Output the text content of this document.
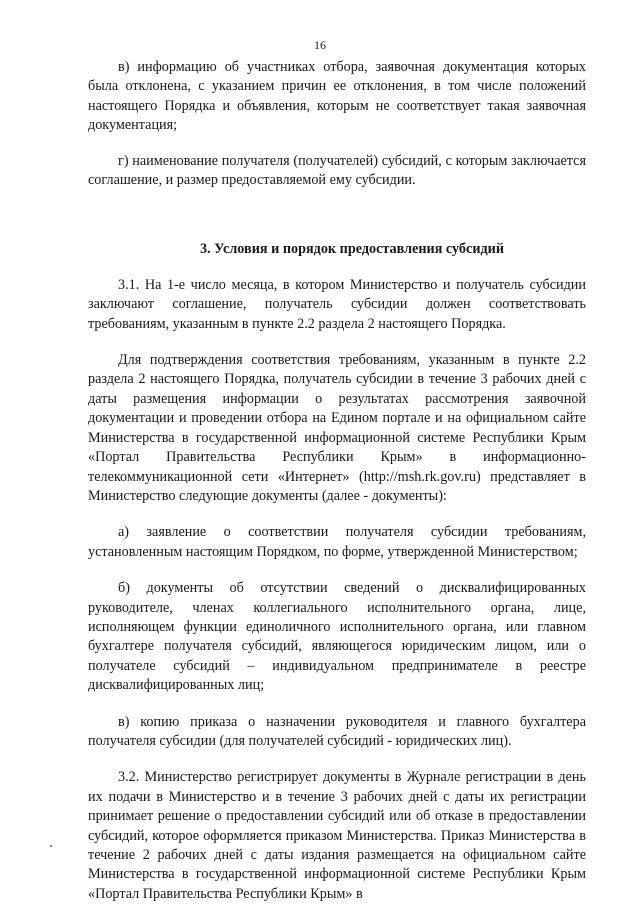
16

в) информацию об участниках отбора, заявочная документация которых была отклонена, с указанием причин ее отклонения, в том числе положений настоящего Порядка и объявления, которым не соответствует такая заявочная документация;

г) наименование получателя (получателей) субсидий, с которым заключается соглашение, и размер предоставляемой ему субсидии.

3. Условия и порядок предоставления субсидий

3.1. На 1-е число месяца, в котором Министерство и получатель субсидии заключают соглашение, получатель субсидии должен соответствовать требованиям, указанным в пункте 2.2 раздела 2 настоящего Порядка.

Для подтверждения соответствия требованиям, указанным в пункте 2.2 раздела 2 настоящего Порядка, получатель субсидии в течение 3 рабочих дней с даты размещения информации о результатах рассмотрения заявочной документации и проведении отбора на Едином портале и на официальном сайте Министерства в государственной информационной системе Республики Крым «Портал Правительства Республики Крым» в информационно-телекоммуникационной сети «Интернет» (http://msh.rk.gov.ru) представляет в Министерство следующие документы (далее - документы):

а) заявление о соответствии получателя субсидии требованиям, установленным настоящим Порядком, по форме, утвержденной Министерством;

б) документы об отсутствии сведений о дисквалифицированных руководителе, членах коллегиального исполнительного органа, лице, исполняющем функции единоличного исполнительного органа, или главном бухгалтере получателя субсидий, являющегося юридическим лицом, или о получателе субсидий – индивидуальном предпринимателе в реестре дисквалифицированных лиц;

в) копию приказа о назначении руководителя и главного бухгалтера получателя субсидии (для получателей субсидий - юридических лиц).

3.2. Министерство регистрирует документы в Журнале регистрации в день их подачи в Министерство и в течение 3 рабочих дней с даты их регистрации принимает решение о предоставлении субсидий или об отказе в предоставлении субсидий, которое оформляется приказом Министерства. Приказ Министерства в течение 2 рабочих дней с даты издания размещается на официальном сайте Министерства в государственной информационной системе Республики Крым «Портал Правительства Республики Крым» в
